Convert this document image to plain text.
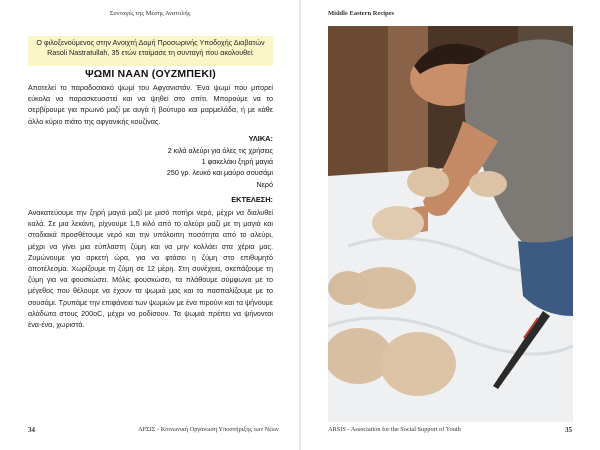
Συνταγές της Μέσης Ανατολής	Middle Eastern Recipes
Ο φιλοξενούμενος στην Ανοιχτή Δομή Προσωρινής Υποδοχής Διαβατών Rasoli Nastratullah, 35 ετών εταίμασε τη συνταγή που ακολουθεί:
ΨΩΜΙ ΝΑΑΝ (ΟΥΖΜΠΕΚΙ)
Αποτελεί το παραδοσιακό ψωμί του Αφγανιστάν. Ένα ψωμί που μπορεί εύκολα να παρασκευαστεί και να ψηθεί στο σπίτι. Μπορούμε να το σερβίρουμε για πρωινό μαζί με αυγά ή βούτυρο και μαρμελάδα, ή με κάθε άλλο κύριο πιάτο της αφγανικής κουζίνας.
ΥΛΙΚΑ:
2 κιλά αλεύρι για όλες τις χρήσεις
1 φακελάκι ξηρή μαγιά
250 γρ. λευκό και μαύρο σουσάμι
Νερό
ΕΚΤΕΛΕΣΗ:
Ανακατεύουμε την ξηρή μαγιά μαζί με μισό ποτήρι νερό, μέχρι να διαλυθεί καλά. Σε μια λεκάνη, ρίχνουμε 1,5 κιλό από το αλεύρι μαζί με τη μαγιά και σταδιακά προσθέτουμε νερό και την υπόλοιπη ποσότητα από το αλεύρι, μέχρι να γίνει μια εύπλαστη ζύμη και να μην κολλάει στα χέρια μας. Ζυμώνουμε για αρκετή ώρα, για να φτάσει η ζύμη στο επιθυμητό αποτέλεσμα. Χωρίζουμε τη ζύμη σε 12 μέρη. Στη συνέχεια, σκεπάζουμε τη ζύμη για να φουσκώσει. Μόλις φουσκώσει, τα πλάθουμε σύμφωνα με το μέγεθος που θέλουμε να έχουν τα ψωμιά μας και τα πασπαλίζουμε με το σουσάμι. Τρυπάμε την επιφάνεια των ψωμιών με ένα πιρούνι και τα ψήνουμε αλάδωτα στους 200oC, μέχρι να ροδίσουν. Τα ψωμιά πρέπει να ψήνονται ένα-ένα, χωριστά.
34	ΑΡΣΙΣ - Κοινωνική Οργάνωση Υποστήριξης των Νέων	ARSIS - Association for the Social Support of Youth	35
